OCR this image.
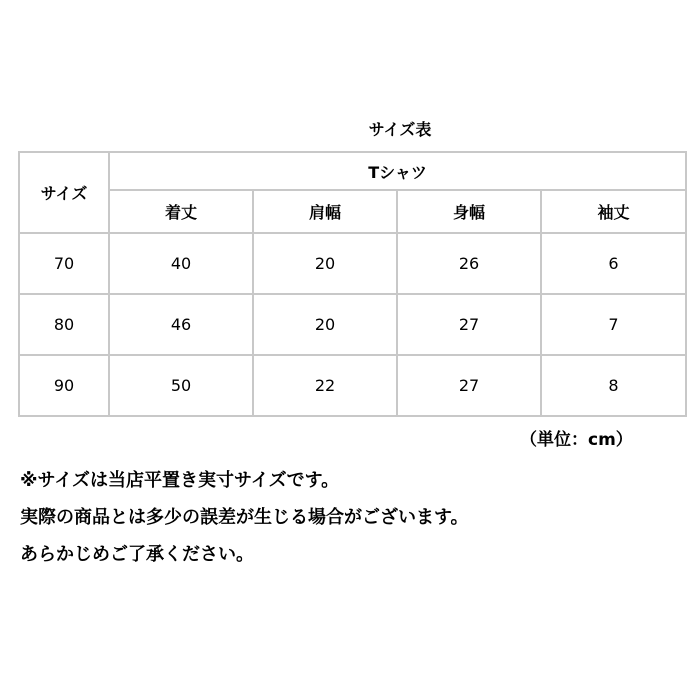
サイズ表
サイズ	Tシャツ			
	着丈	肩幅	身幅	袖丈
70	40	20	26	6
80	46	20	27	7
90	50	22	27	8
（単位：cm）
※サイズは当店平置き実寸サイズです。
実際の商品とは多少の誤差が生じる場合がございます。
あらかじめご了承ください。
